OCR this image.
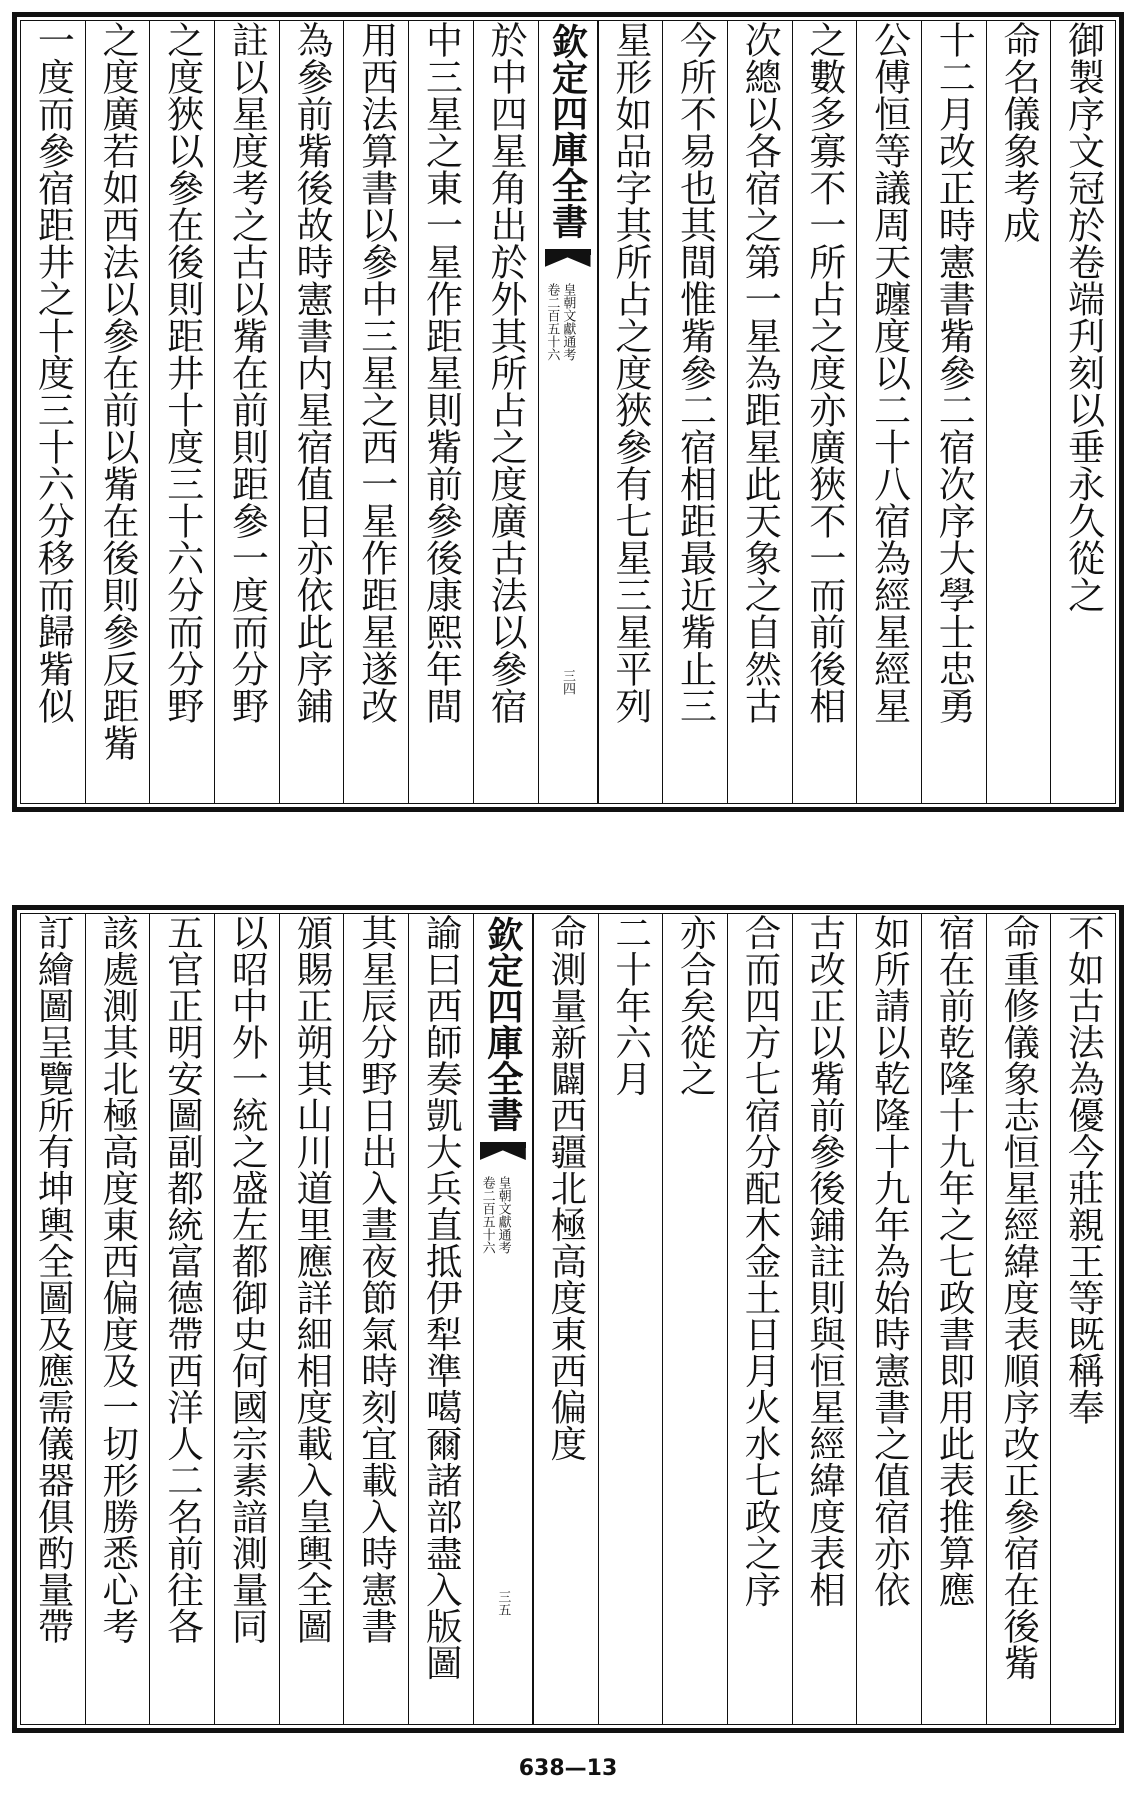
御製序文冠於卷端刋刻以垂永久從之
命名儀象考成
十二月改正時憲書觜參二宿次序大學士忠勇
公傅恒等議周天躔度以二十八宿為經星經星
之數多寡不一所占之度亦廣狹不一而前後相
次總以各宿之第一星為距星此天象之自然古
今所不易也其間惟觜參二宿相距最近觜止三
星形如品字其所占之度狹參有七星三星平列
欽定四庫全書
皇朝文獻通考
卷二百五十六
三四
於中四星角出於外其所占之度廣古法以參宿
中三星之東一星作距星則觜前參後康熙年間
用西法算書以參中三星之西一星作距星遂改
為參前觜後故時憲書内星宿值日亦依此序鋪
註以星度考之古以觜在前則距參一度而分野
之度狹以參在後則距井十度三十六分而分野
之度廣若如西法以參在前以觜在後則參反距觜
一度而參宿距井之十度三十六分移而歸觜似
不如古法為優今莊親王等既稱奉
命重修儀象志恒星經緯度表順序改正參宿在後觜
宿在前乾隆十九年之七政書即用此表推算應
如所請以乾隆十九年為始時憲書之值宿亦依
古改正以觜前參後鋪註則與恒星經緯度表相
合而四方七宿分配木金土日月火水七政之序
亦合矣從之
二十年六月
命測量新闢西疆北極高度東西偏度
欽定四庫全書
皇朝文獻通考
卷二百五十六
三五
諭曰西師奏凱大兵直抵伊犁準噶爾諸部盡入版圖
其星辰分野日出入晝夜節氣時刻宜載入時憲書
頒賜正朔其山川道里應詳細相度載入皇輿全圖
以昭中外一統之盛左都御史何國宗素諳測量同
五官正明安圖副都統富德帶西洋人二名前往各
該處測其北極高度東西偏度及一切形勝悉心考
訂繪圖呈覽所有坤輿全圖及應需儀器俱酌量帶
638—13
